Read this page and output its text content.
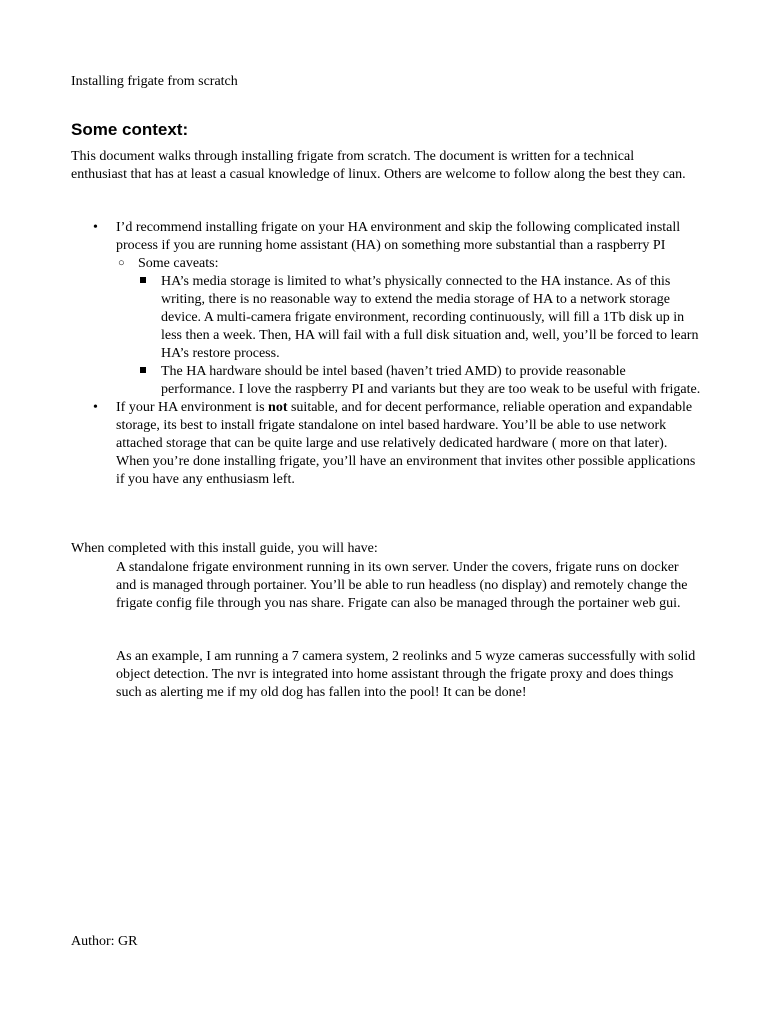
Installing frigate from scratch

Some context:

This document walks through installing frigate from scratch. The document is written for a technical enthusiast that has at least a casual knowledge of linux. Others are welcome to follow along the best they can.

• I’d recommend installing frigate on your HA environment and skip the following complicated install process if you are running home assistant (HA) on something more substantial than a raspberry PI
○ Some caveats:
HA’s media storage is limited to what’s physically connected to the HA instance. As of this writing, there is no reasonable way to extend the media storage of HA to a network storage device. A multi-camera frigate environment, recording continuously, will fill a 1Tb disk up in less then a week. Then, HA will fail with a full disk situation and, well, you’ll be forced to learn HA’s restore process.
The HA hardware should be intel based (haven’t tried AMD) to provide reasonable performance. I love the raspberry PI and variants but they are too weak to be useful with frigate.
• If your HA environment is not suitable, and for decent performance, reliable operation and expandable storage, its best to install frigate standalone on intel based hardware. You’ll be able to use network attached storage that can be quite large and use relatively dedicated hardware ( more on that later). When you’re done installing frigate, you’ll have an environment that invites other possible applications if you have any enthusiasm left.

When completed with this install guide, you will have:

A standalone frigate environment running in its own server. Under the covers, frigate runs on docker and is managed through portainer. You’ll be able to run headless (no display) and remotely change the frigate config file through you nas share. Frigate can also be managed through the portainer web gui.

As an example, I am running a 7 camera system, 2 reolinks and 5 wyze cameras successfully with solid object detection. The nvr is integrated into home assistant through the frigate proxy and does things such as alerting me if my old dog has fallen into the pool! It can be done!

Author: GR
